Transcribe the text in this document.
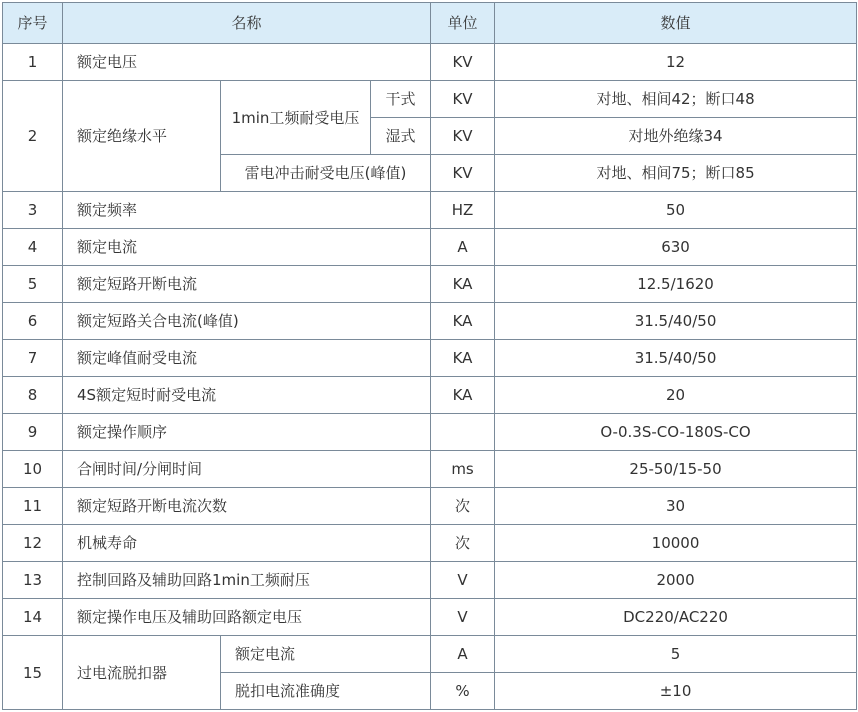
序号	名称			单位	数值
1	额定电压			KV	12
2	额定绝缘水平	1min工频耐受电压	干式	KV	对地、相间42；断口48
			湿式	KV	对地外绝缘34
		雷电冲击耐受电压(峰值)		KV	对地、相间75；断口85
3	额定频率			HZ	50
4	额定电流			A	630
5	额定短路开断电流			KA	12.5/1620
6	额定短路关合电流(峰值)			KA	31.5/40/50
7	额定峰值耐受电流			KA	31.5/40/50
8	4S额定短时耐受电流			KA	20
9	额定操作顺序				O-0.3S-CO-180S-CO
10	合闸时间/分闸时间			ms	25-50/15-50
11	额定短路开断电流次数			次	30
12	机械寿命			次	10000
13	控制回路及辅助回路1min工频耐压			V	2000
14	额定操作电压及辅助回路额定电压			V	DC220/AC220
15	过电流脱扣器	额定电流		A	5
		脱扣电流准确度		%	±10
